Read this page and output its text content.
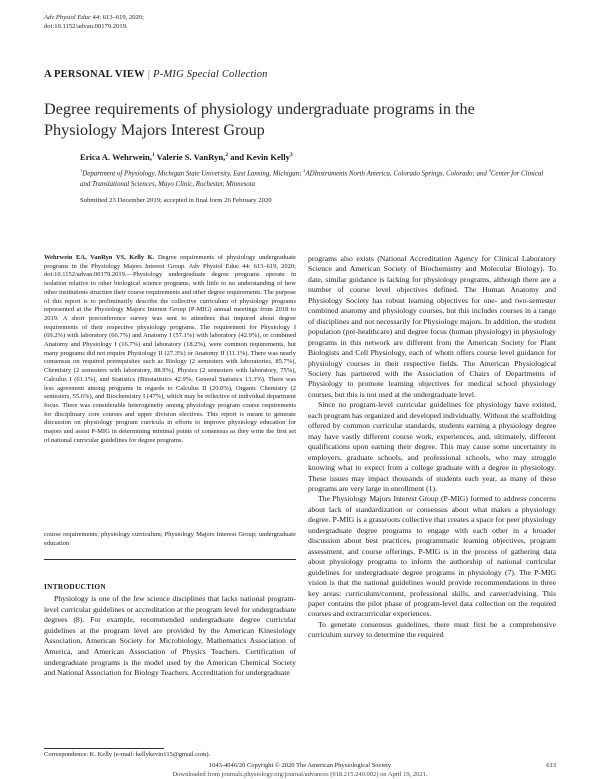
Adv Physiol Educ 44: 613–619, 2020;
doi:10.1152/advan.00179.2019.
A PERSONAL VIEW | P-MIG Special Collection
Degree requirements of physiology undergraduate programs in the Physiology Majors Interest Group
Erica A. Wehrwein,$^1$ Valerie S. VanRyn,$^2$ and Kevin Kelly$^3$
$^1$Department of Physiology, Michigan State University, East Lansing, Michigan; $^2$ADInstruments North America, Colorado Springs, Colorado; and $^3$Center for Clinical and Translational Sciences, Mayo Clinic, Rochester, Minnesota
Submitted 23 December 2019; accepted in final form 26 February 2020
Wehrwein EA, VanRyn VS, Kelly K. Degree requirements of physiology undergraduate programs in the Physiology Majors Interest Group. Adv Physiol Educ 44: 613–619, 2020; doi:10.1152/advan.00179.2019.—Physiology undergraduate degree programs operate in isolation relative to other biological science programs, with little to no understanding of how other institutions structure their course requirements and other degree requirements. The purpose of this report is to preliminarily describe the collective curriculum of physiology programs represented at the Physiology Majors Interest Group (P-MIG) annual meetings from 2018 to 2019. A short preconference survey was sent to attendees that inquired about degree requirements of their respective physiology programs. The requirement for Physiology I (69.2%) with laboratory (66.7%) and Anatomy I (57.1%) with laboratory (42.9%), or combined Anatomy and Physiology I (16.7%) and laboratory (18.2%), were common requirements, but many programs did not require Physiology II (27.3%) or Anatomy II (11.1%). There was nearly consensus on required prerequisites such as Biology (2 semesters with laboratories, 85.7%), Chemistry (2 semesters with laboratory, 88.9%), Physics (2 semesters with laboratory, 75%), Calculus I (61.1%), and Statistics (Biostatistics 42.9%; General Statistics 13.3%). There was less agreement among programs in regards to Calculus II (20.0%), Organic Chemistry (2 semesters, 55.6%), and Biochemistry I (47%), which may be reflective of individual department focus. There was considerable heterogeneity among physiology program course requirements for disciplinary core courses and upper division electives. This report is meant to generate discussion on physiology program curricula in efforts to improve physiology education for majors and assist P-MIG in determining minimal points of consensus as they write the first set of national curricular guidelines for degree programs.
course requirements; physiology curriculum; Physiology Majors Interest Group; undergraduate education
INTRODUCTION

Physiology is one of the few science disciplines that lacks national program-level curricular guidelines or accreditation at the program level for undergraduate degrees (8). For example, recommended undergraduate degree curricular guidelines at the program level are provided by the American Kinesiology Association, American Society for Microbiology, Mathematics Association of America, and American Association of Physics Teachers. Certification of undergraduate programs is the model used by the American Chemical Society and National Association for Biology Teachers. Accreditation for undergraduate

programs also exists (National Accreditation Agency for Clinical Laboratory Science and American Society of Biochemistry and Molecular Biology). To date, similar guidance is lacking for physiology programs, although there are a number of course level objectives defined. The Human Anatomy and Physiology Society has robust learning objectives for one- and two-semester combined anatomy and physiology courses, but this includes courses in a range of disciplines and not necessarily for Physiology majors. In addition, the student population (pre-healthcare) and degree focus (human physiology) in physiology programs in this network are different from the American Society for Plant Biologists and Cell Physiology, each of whom offers course level guidance for physiology courses in their respective fields. The American Physiological Society has partnered with the Association of Chairs of Departments of Physiology to promote learning objectives for medical school physiology courses, but this is not used at the undergraduate level.

Since no program-level curricular guidelines for physiology have existed, each program has organized and developed individually. Without the scaffolding offered by common curricular standards, students earning a physiology degree may have vastly different course work, experiences, and, ultimately, different qualifications upon earning their degree. This may cause some uncertainty in employers, graduate schools, and professional schools, who may struggle knowing what to expect from a college graduate with a degree in physiology. These issues may impact thousands of students each year, as many of these programs are very large in enrollment (1).

The Physiology Majors Interest Group (P-MIG) formed to address concerns about lack of standardization or consensus about what makes a physiology degree. P-MIG is a grassroots collective that creates a space for peer physiology undergraduate degree programs to engage with each other in a broader discussion about best practices, programmatic learning objectives, program assessment, and course offerings. P-MIG is in the process of gathering data about physiology programs to inform the authorship of national curricular guidelines for undergraduate degree programs in physiology (7). The P-MIG vision is that the national guidelines would provide recommendations in three key areas: curriculum/content, professional skills, and career/advising. This paper contains the pilot phase of program-level data collection on the required courses and extracurricular experiences.

To generate consensus guidelines, there must first be a comprehensive curriculum survey to determine the required

Correspondence: K. Kelly (e-mail: kellykevin115@gmail.com).
1043-4046/20 Copyright © 2020 The American Physiological Society	613
Downloaded from journals.physiology.org/journal/advances (018.215.240.002) on April 19, 2021.
